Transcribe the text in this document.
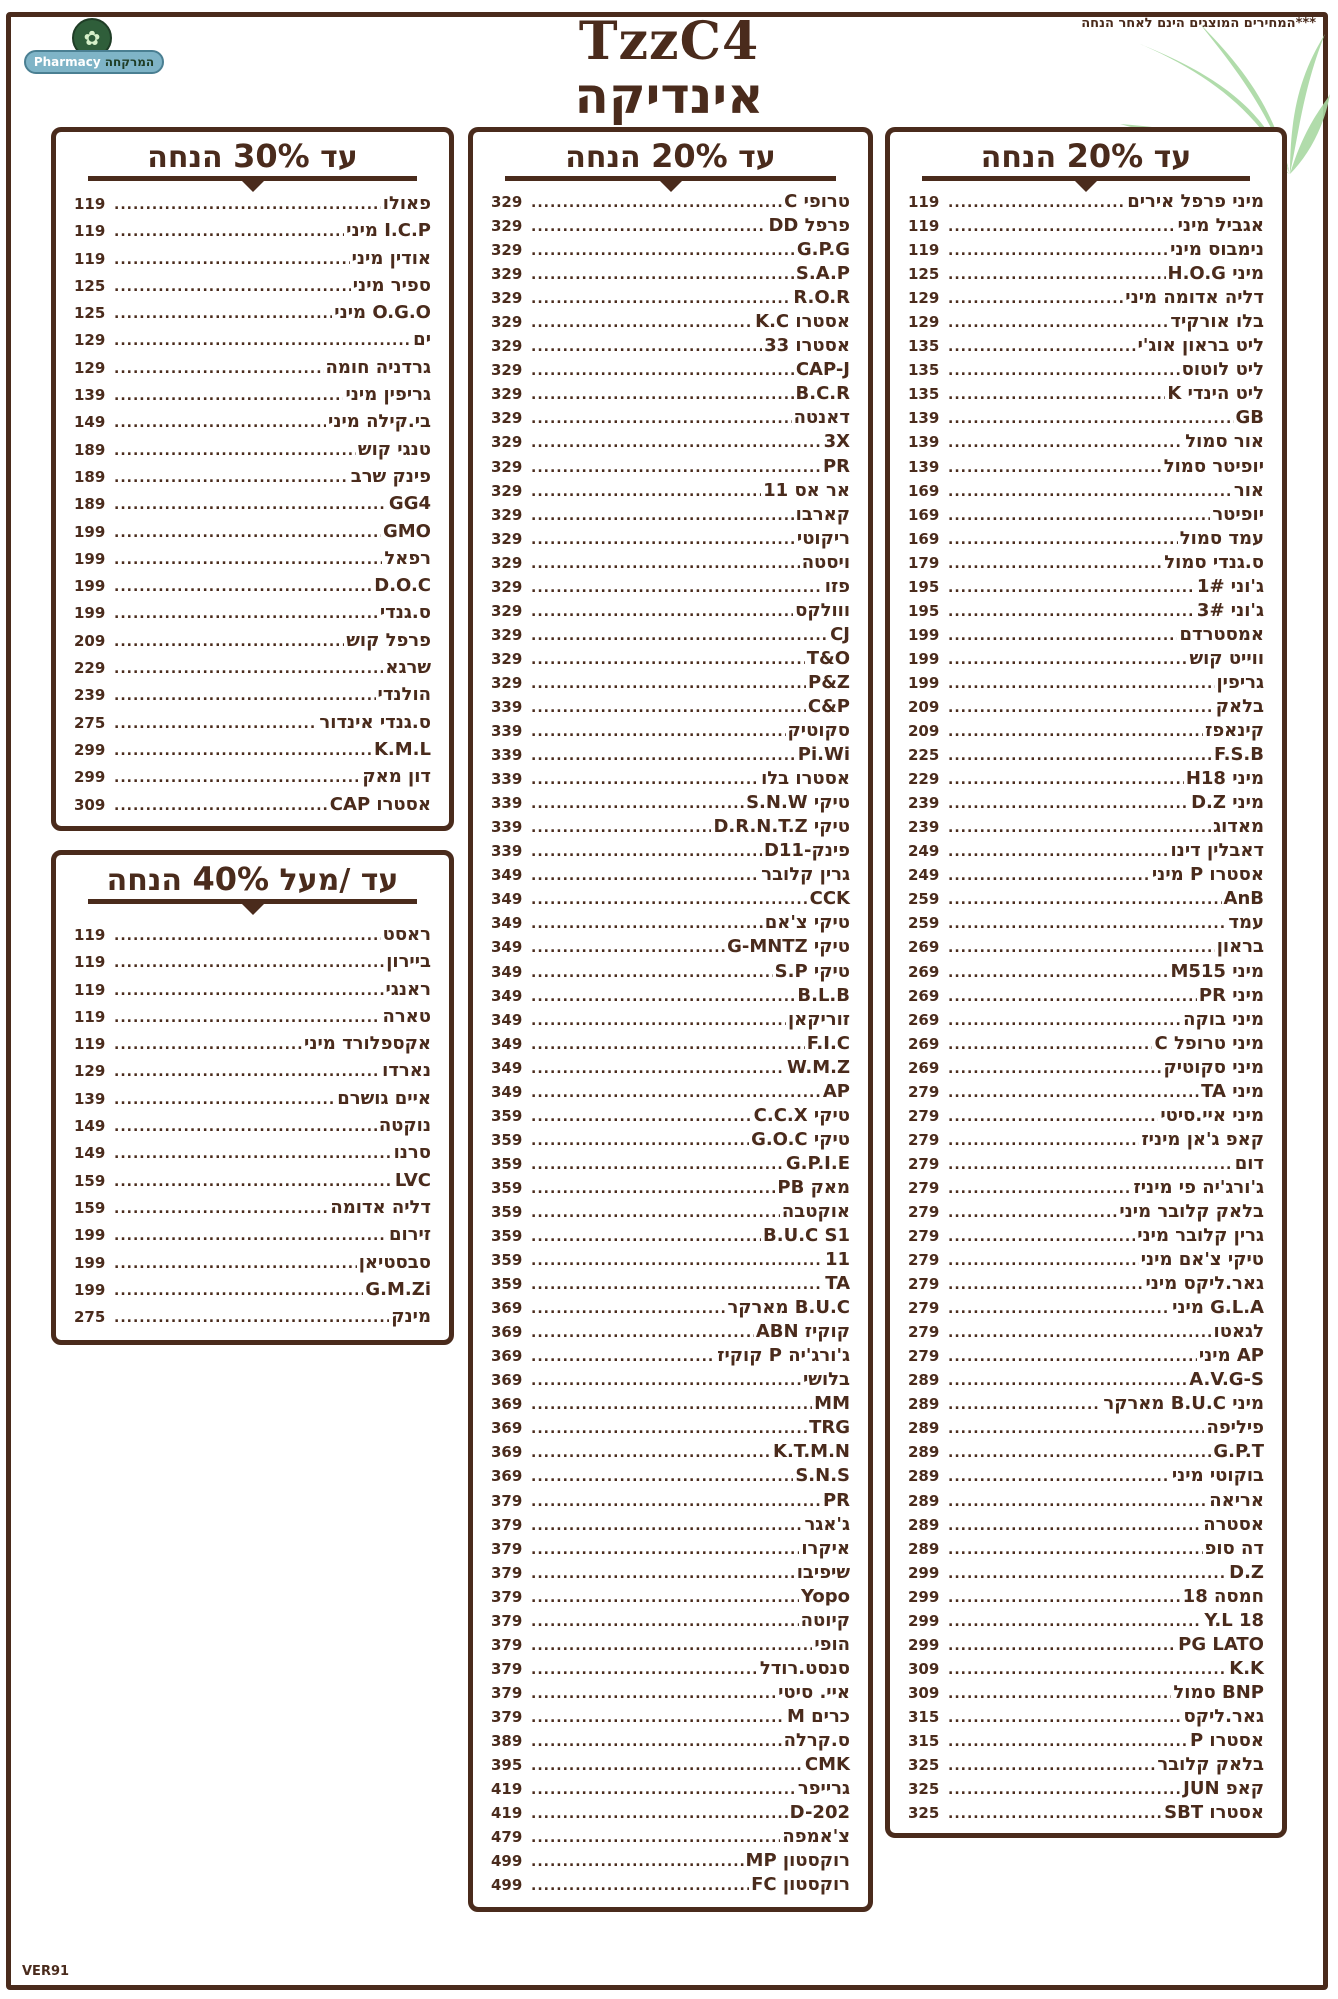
***המחירים המוצגים הינם לאחר הנחה
✿
Pharmacy המרקחה	TzzC4
אינדיקה
עד 30% הנחה
פאולו
.....
119
I.C.P מיני
.....
119
אודין מיני
.....
119
ספיר מיני
.....
125
O.G.O מיני
.....
125
ים
.....
129
גרדניה חומה
.....
129
גריפין מיני
.....
139
בי.קילה מיני
.....
149
טנגי קוש
.....
189
פינק שרב
.....
189
GG4
.....
189
GMO
.....
199
רפאל
.....
199
D.O.C
.....
199
ס.גנדי
.....
199
פרפל קוש
.....
209
שרגא
.....
229
הולנדי
.....
239
ס.גנדי אינדור
.....
275
K.M.L
.....
299
דון מאק
.....
299
אסטרו CAP
.....
309
עד /מעל 40% הנחה
ראסט
.....
119
ביירון
.....
119
ראנגי
.....
119
טארה
.....
119
אקספלורד מיני
.....
119
נארדו
.....
129
איים גושרם
.....
139
נוקטה
.....
149
סרנו
.....
149
LVC
.....
159
דליה אדומה
.....
159
זירום
.....
199
סבסטיאן
.....
199
G.M.Zi
.....
199
מינק
.....
275
עד 20% הנחה
טרופי C
.....
329
פרפל DD
.....
329
G.P.G
.....
329
S.A.P
.....
329
R.O.R
.....
329
אסטרו K.C
.....
329
אסטרו 33
.....
329
CAP-J
.....
329
B.C.R
.....
329
דאנטה
.....
329
3X
.....
329
PR
.....
329
אר אס 11
.....
329
קארבו
.....
329
ריקוטי
.....
329
ויסטה
.....
329
פזו
.....
329
ווולקס
.....
329
CJ
.....
329
T&O
.....
329
P&Z
.....
329
C&P
.....
339
סקוטיק
.....
339
Pi.Wi
.....
339
אסטרו בלו
.....
339
טיקי S.N.W
.....
339
טיקי D.R.N.T.Z
.....
339
פינק-D11
.....
339
גרין קלובר
.....
349
CCK
.....
349
טיקי צ'אם
.....
349
טיקי G-MNTZ
.....
349
טיקי S.P
.....
349
B.L.B
.....
349
זוריקאן
.....
349
F.I.C
.....
349
W.M.Z
.....
349
AP
.....
349
טיקי C.C.X
.....
359
טיקי G.O.C
.....
359
G.P.I.E
.....
359
מאק PB
.....
359
אוקטבה
.....
359
B.U.C S1
.....
359
11
.....
359
TA
.....
359
B.U.C מארקר
.....
369
קוקיז ABN
.....
369
ג'ורג'יה P קוקיז
.....
369
בלושי
.....
369
MM
.....
369
TRG
.....
369
K.T.M.N
.....
369
S.N.S
.....
369
PR
.....
379
ג'אגר
.....
379
איקרו
.....
379
שיפיבו
.....
379
Yopo
.....
379
קיוטה
.....
379
הופי
.....
379
סנסט.רודל
.....
379
איי. סיטי
.....
379
כרים M
.....
379
ס.קרלה
.....
389
CMK
.....
395
גרייפר
.....
419
D-202
.....
419
צ'אמפה
.....
479
רוקסטון MP
.....
499
רוקסטון FC
.....
499
עד 20% הנחה
מיני פרפל אירים
.....
119
אגביל מיני
.....
119
נימבוס מיני
.....
119
מיני H.O.G
.....
125
דליה אדומה מיני
.....
129
בלו אורקיד
.....
129
ליט בראון אוג'י
.....
135
ליט לוטוס
.....
135
ליט הינדי K
.....
135
GB
.....
139
אור סמול
.....
139
יופיטר סמול
.....
139
אור
.....
169
יופיטר
.....
169
עמד סמול
.....
169
ס.גנדי סמול
.....
179
ג'וני 1#
.....
195
ג'וני 3#
.....
195
אמסטרדם
.....
199
ווייט קוש
.....
199
גריפין
.....
199
בלאק
.....
209
קינאפז
.....
209
F.S.B
.....
225
מיני H18
.....
229
מיני D.Z
.....
239
מאדוג
.....
239
דאבלין דינו
.....
249
אסטרו P מיני
.....
249
AnB
.....
259
עמד
.....
259
בראון
.....
269
מיני M515
.....
269
מיני PR
.....
269
מיני בוקה
.....
269
מיני טרופל C
.....
269
מיני סקוטיק
.....
269
מיני TA
.....
279
מיני איי.סיטי
.....
279
קאפ ג'אן מיניז
.....
279
דום
.....
279
ג'ורג'יה פי מיניז
.....
279
בלאק קלובר מיני
.....
279
גרין קלובר מיני
.....
279
טיקי צ'אם מיני
.....
279
גאר.ליקס מיני
.....
279
G.L.A מיני
.....
279
לגאטו
.....
279
AP מיני
.....
279
A.V.G-S
.....
289
מיני B.U.C מארקר
.....
289
פיליפה
.....
289
G.P.T
.....
289
בוקוטי מיני
.....
289
אריאה
.....
289
אסטרה
.....
289
דה סופ
.....
289
D.Z
.....
299
חמסה 18
.....
299
Y.L 18
.....
299
PG LATO
.....
299
K.K
.....
309
BNP סמול
.....
309
גאר.ליקס
.....
315
אסטרו P
.....
315
בלאק קלובר
.....
325
קאפ JUN
.....
325
אסטרו SBT
.....
325
VER91
